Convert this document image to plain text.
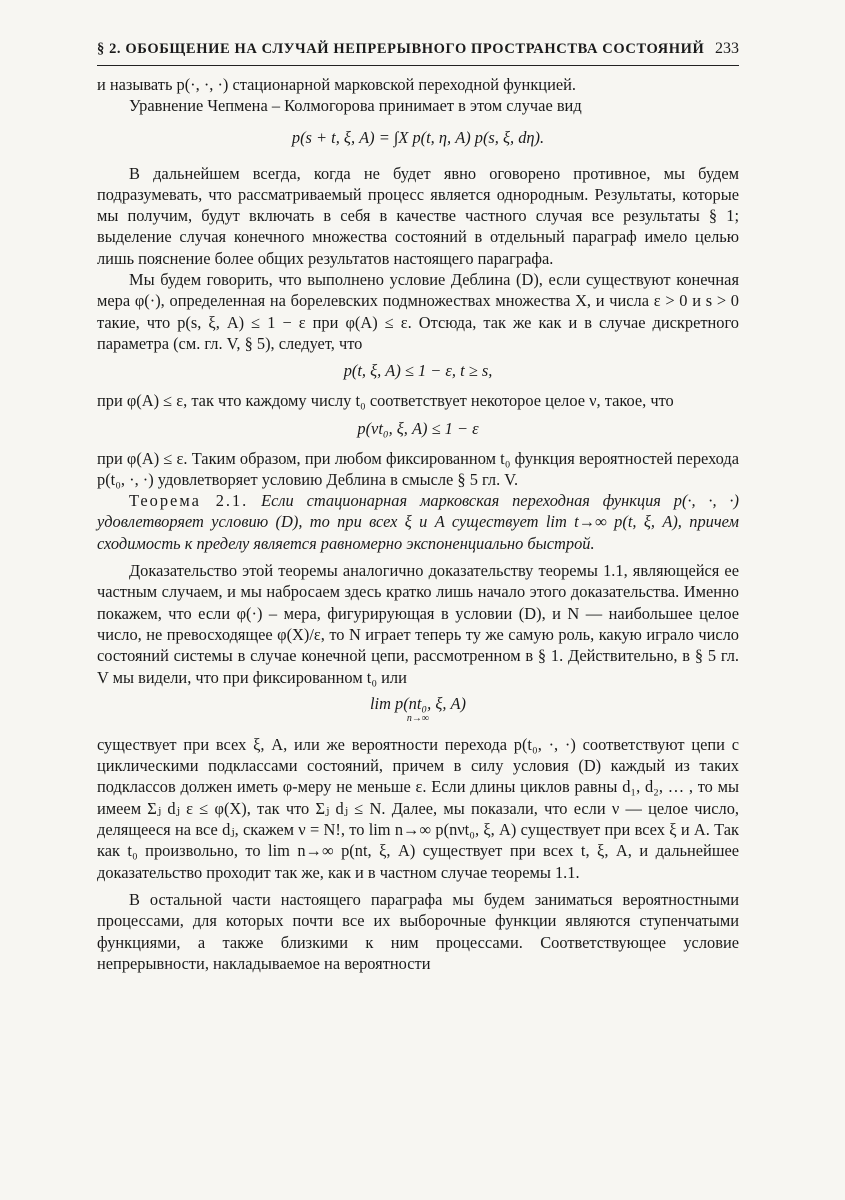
§ 2. ОБОБЩЕНИЕ НА СЛУЧАЙ НЕПРЕРЫВНОГО ПРОСТРАНСТВА СОСТОЯНИЙ 233

и называть p(·, ·, ·) стационарной марковской переходной функцией.

Уравнение Чепмена – Колмогорова принимает в этом случае вид

p(s + t, ξ, A) = ∫X p(t, η, A) p(s, ξ, dη).

В дальнейшем всегда, когда не будет явно оговорено противное, мы будем подразумевать, что рассматриваемый процесс является однородным. Результаты, которые мы получим, будут включать в себя в качестве частного случая все результаты § 1; выделение случая конечного множества состояний в отдельный параграф имело целью лишь пояснение более общих результатов настоящего параграфа.

Мы будем говорить, что выполнено условие Деблина (D), если существуют конечная мера φ(·), определенная на борелевских подмножествах множества X, и числа ε > 0 и s > 0 такие, что p(s, ξ, A) ≤ 1 − ε при φ(A) ≤ ε. Отсюда, так же как и в случае дискретного параметра (см. гл. V, § 5), следует, что

p(t, ξ, A) ≤ 1 − ε, t ≥ s,

при φ(A) ≤ ε, так что каждому числу t₀ соответствует некоторое целое ν, такое, что

p(νt₀, ξ, A) ≤ 1 − ε

при φ(A) ≤ ε. Таким образом, при любом фиксированном t₀ функция вероятностей перехода p(t₀, ·, ·) удовлетворяет условию Деблина в смысле § 5 гл. V.

Теорема 2.1. Если стационарная марковская переходная функция p(·, ·, ·) удовлетворяет условию (D), то при всех ξ и A существует lim t→∞ p(t, ξ, A), причем сходимость к пределу является равномерно экспоненциально быстрой.

Доказательство этой теоремы аналогично доказательству теоремы 1.1, являющейся ее частным случаем, и мы набросаем здесь кратко лишь начало этого доказательства. Именно покажем, что если φ(·) – мера, фигурирующая в условии (D), и N — наибольшее целое число, не превосходящее φ(X)/ε, то N играет теперь ту же самую роль, какую играло число состояний системы в случае конечной цепи, рассмотренном в § 1. Действительно, в § 5 гл. V мы видели, что при фиксированном t₀ или

lim p(nt₀, ξ, A)
n→∞

существует при всех ξ, A, или же вероятности перехода p(t₀, ·, ·) соответствуют цепи с циклическими подклассами состояний, причем в силу условия (D) каждый из таких подклассов должен иметь φ-меру не меньше ε. Если длины циклов равны d₁, d₂, … , то мы имеем Σⱼ dⱼ ε ≤ φ(X), так что Σⱼ dⱼ ≤ N. Далее, мы показали, что если ν — целое число, делящееся на все dⱼ, скажем ν = N!, то lim n→∞ p(nνt₀, ξ, A) существует при всех ξ и A. Так как t₀ произвольно, то lim n→∞ p(nt, ξ, A) существует при всех t, ξ, A, и дальнейшее доказательство проходит так же, как и в частном случае теоремы 1.1.

В остальной части настоящего параграфа мы будем заниматься вероятностными процессами, для которых почти все их выборочные функции являются ступенчатыми функциями, а также близкими к ним процессами. Соответствующее условие непрерывности, накладываемое на вероятности
